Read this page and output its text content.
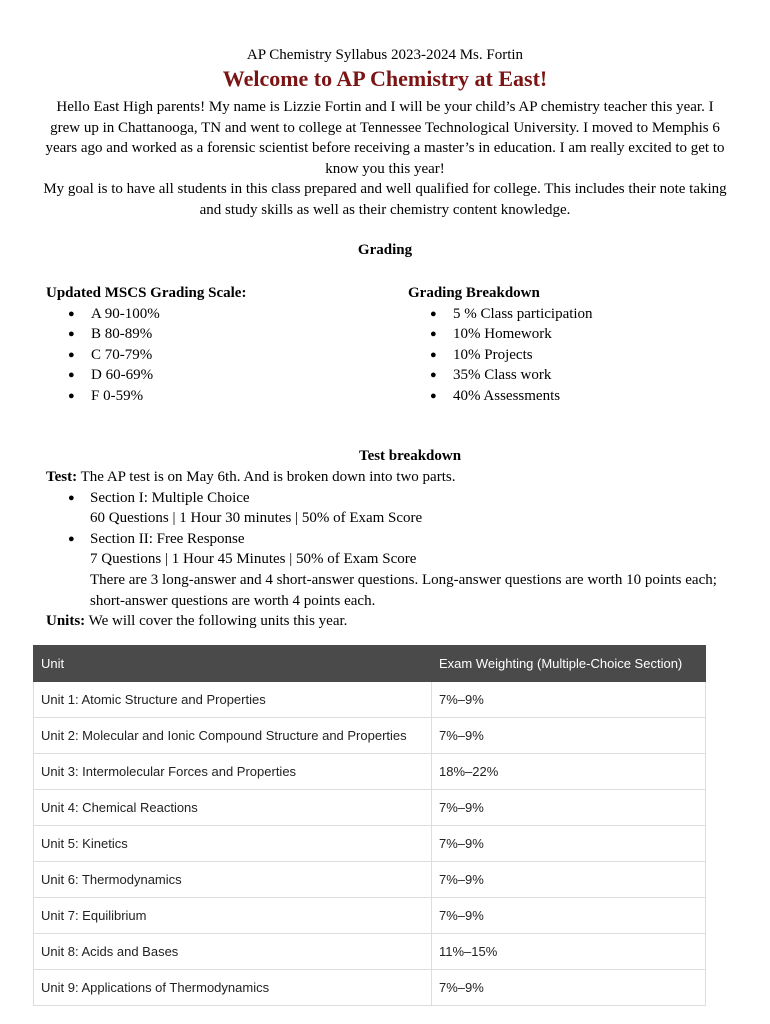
AP Chemistry Syllabus 2023-2024 Ms. Fortin
Welcome to AP Chemistry at East!

Hello East High parents! My name is Lizzie Fortin and I will be your child’s AP chemistry teacher this year. I grew up in Chattanooga, TN and went to college at Tennessee Technological University. I moved to Memphis 6 years ago and worked as a forensic scientist before receiving a master’s in education. I am really excited to get to know you this year!

My goal is to have all students in this class prepared and well qualified for college. This includes their note taking and study skills as well as their chemistry content knowledge.

Grading
Updated MSCS Grading Scale:
● A 90-100%
● B 80-89%
● C 70-79%
● D 60-69%
● F 0-59%
Grading Breakdown
● 5 % Class participation
● 10% Homework
● 10% Projects
● 35% Class work
● 40% Assessments
Test breakdown

Test: The AP test is on May 6th. And is broken down into two parts.

● Section I: Multiple Choice

60 Questions | 1 Hour 30 minutes | 50% of Exam Score

● Section II: Free Response

7 Questions | 1 Hour 45 Minutes | 50% of Exam Score

There are 3 long-answer and 4 short-answer questions. Long-answer questions are worth 10 points each; short-answer questions are worth 4 points each.

Units: We will cover the following units this year.

Unit	Exam Weighting (Multiple-Choice Section)
Unit 1: Atomic Structure and Properties	7%–9%
Unit 2: Molecular and Ionic Compound Structure and Properties	7%–9%
Unit 3: Intermolecular Forces and Properties	18%–22%
Unit 4: Chemical Reactions	7%–9%
Unit 5: Kinetics	7%–9%
Unit 6: Thermodynamics	7%–9%
Unit 7: Equilibrium	7%–9%
Unit 8: Acids and Bases	11%–15%
Unit 9: Applications of Thermodynamics	7%–9%
